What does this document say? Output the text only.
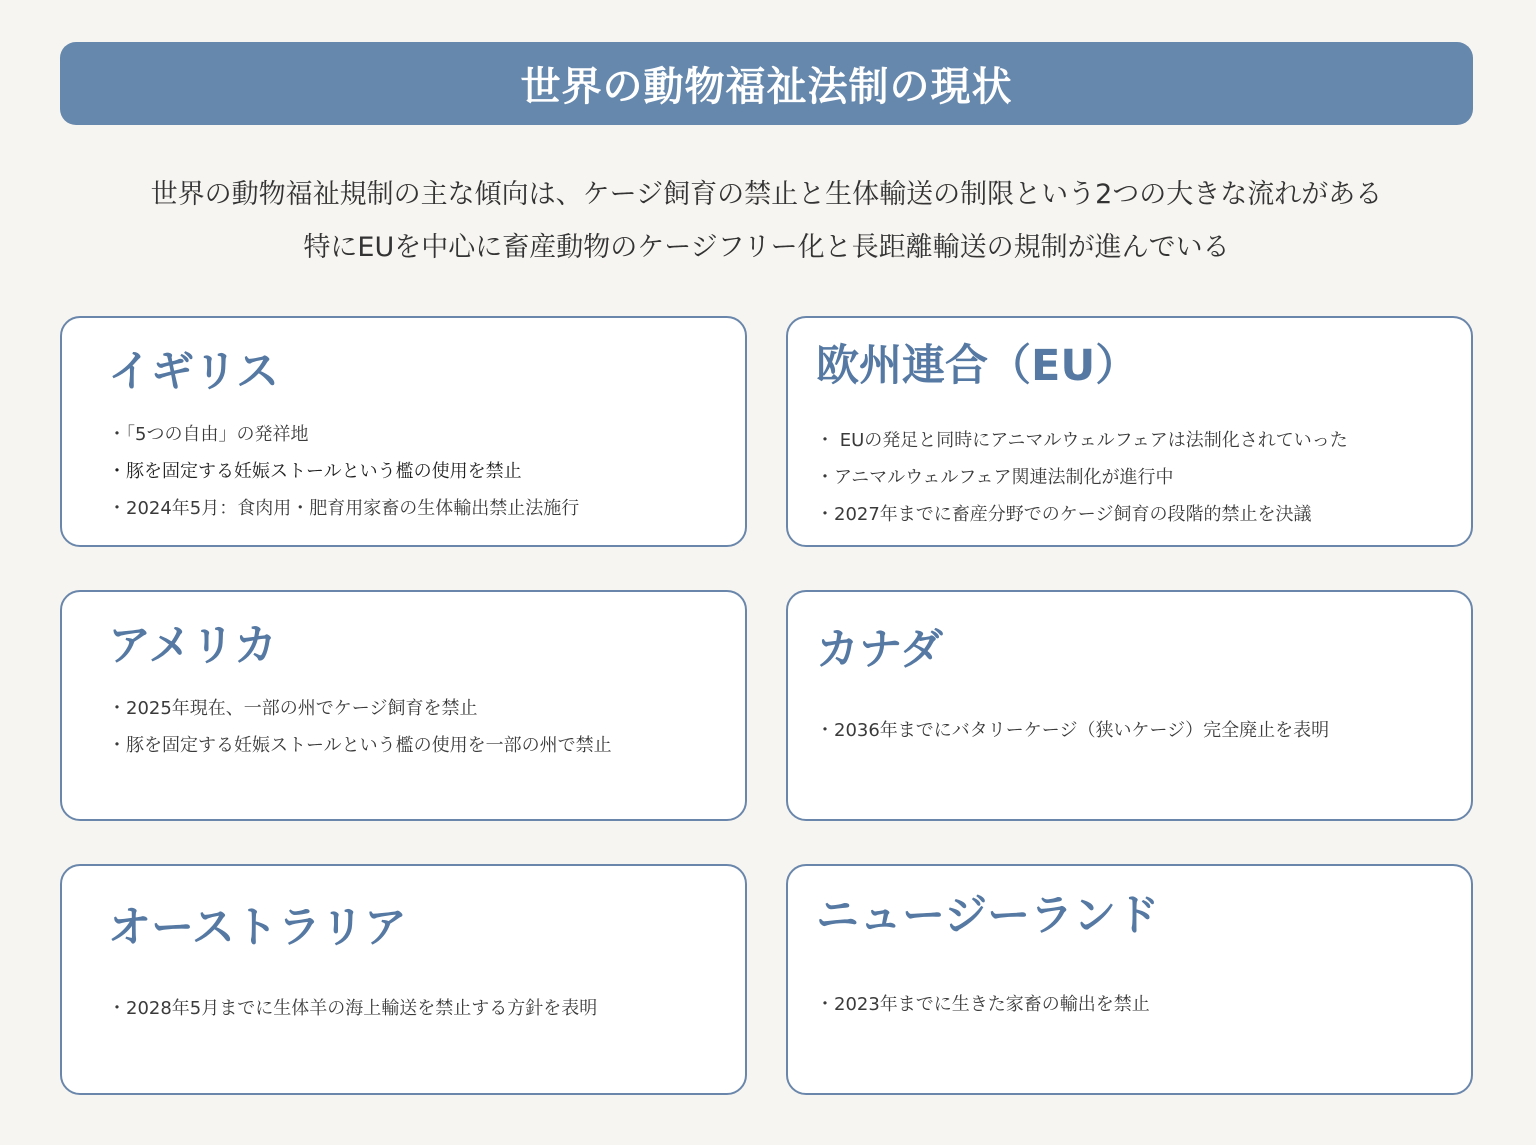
世界の動物福祉法制の現状

世界の動物福祉規制の主な傾向は、ケージ飼育の禁止と生体輸送の制限という2つの大きな流れがある

特にEUを中心に畜産動物のケージフリー化と長距離輸送の規制が進んでいる

イギリス
・「5つの自由」の発祥地
・豚を固定する妊娠ストールという檻の使用を禁止
・2024年5月：食肉用・肥育用家畜の生体輸出禁止法施行
欧州連合（EU）
・ EUの発足と同時にアニマルウェルフェアは法制化されていった
・アニマルウェルフェア関連法制化が進行中
・2027年までに畜産分野でのケージ飼育の段階的禁止を決議
アメリカ
・2025年現在、一部の州でケージ飼育を禁止
・豚を固定する妊娠ストールという檻の使用を一部の州で禁止
カナダ
・2036年までにバタリーケージ（狭いケージ）完全廃止を表明
オーストラリア
・2028年5月までに生体羊の海上輸送を禁止する方針を表明
ニュージーランド
・2023年までに生きた家畜の輸出を禁止
